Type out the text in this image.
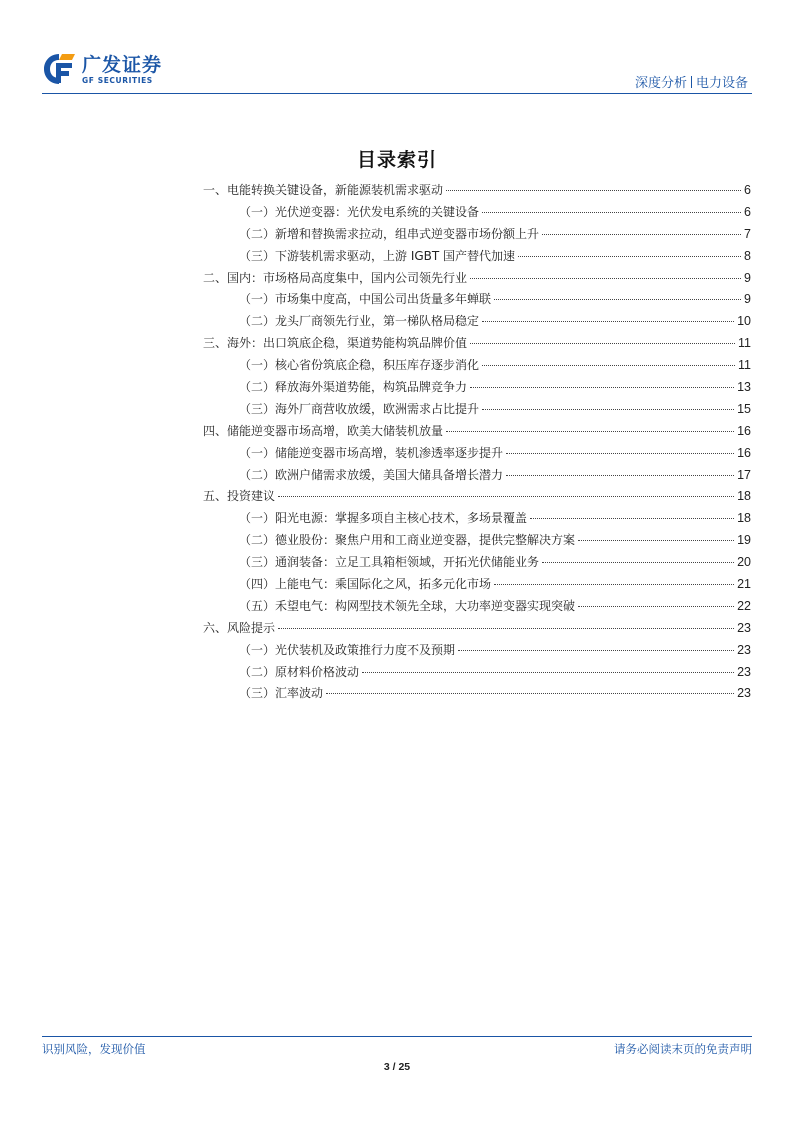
广发证券
GF SECURITIES	深度分析 电力设备
目录索引
一、电能转换关键设备，新能源装机需求驱动	6
（一）光伏逆变器：光伏发电系统的关键设备	6
（二）新增和替换需求拉动，组串式逆变器市场份额上升	7
（三）下游装机需求驱动，上游 IGBT 国产替代加速	8
二、国内：市场格局高度集中，国内公司领先行业	9
（一）市场集中度高，中国公司出货量多年蝉联	9
（二）龙头厂商领先行业，第一梯队格局稳定	10
三、海外：出口筑底企稳，渠道势能构筑品牌价值	11
（一）核心省份筑底企稳，积压库存逐步消化	11
（二）释放海外渠道势能，构筑品牌竞争力	13
（三）海外厂商营收放缓，欧洲需求占比提升	15
四、储能逆变器市场高增，欧美大储装机放量	16
（一）储能逆变器市场高增，装机渗透率逐步提升	16
（二）欧洲户储需求放缓，美国大储具备增长潜力	17
五、投资建议	18
（一）阳光电源：掌握多项自主核心技术，多场景覆盖	18
（二）德业股份：聚焦户用和工商业逆变器，提供完整解决方案	19
（三）通润装备：立足工具箱柜领域，开拓光伏储能业务	20
（四）上能电气：乘国际化之风，拓多元化市场	21
（五）禾望电气：构网型技术领先全球，大功率逆变器实现突破	22
六、风险提示	23
（一）光伏装机及政策推行力度不及预期	23
（二）原材料价格波动	23
（三）汇率波动	23
识别风险，发现价值	请务必阅读末页的免责声明
3 / 25
